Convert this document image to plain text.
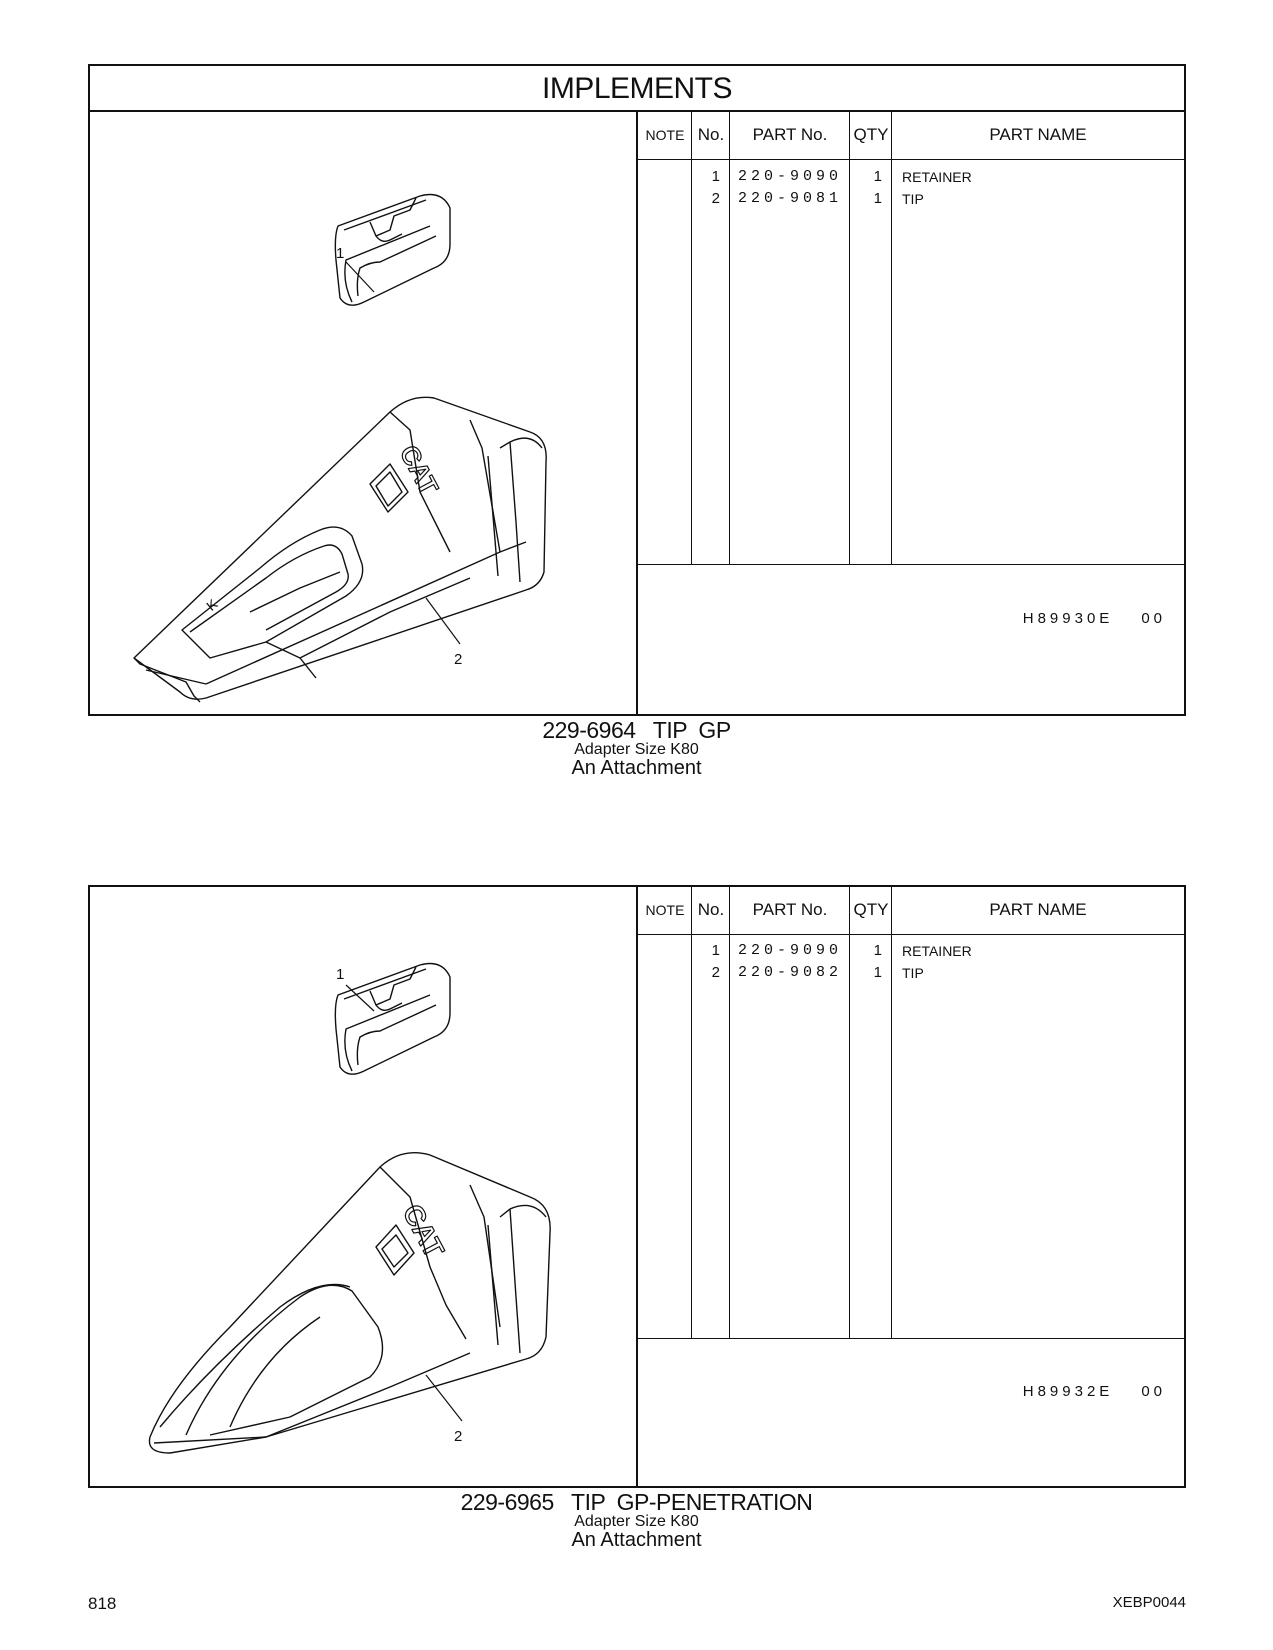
IMPLEMENTS
1
CAT
K
2
NOTE No.	PART No.	QTY	PART NAME
1 220-9090	1 RETAINER
2 220-9081	1 TIP
H89930E 00
229-6964   TIP  GP
Adapter Size K80
An Attachment
1
CAT
2
NOTE No.	PART No.	QTY	PART NAME
1 220-9090	1 RETAINER
2 220-9082	1 TIP
H89932E 00
229-6965   TIP  GP-PENETRATION
Adapter Size K80
An Attachment
818	XEBP0044
